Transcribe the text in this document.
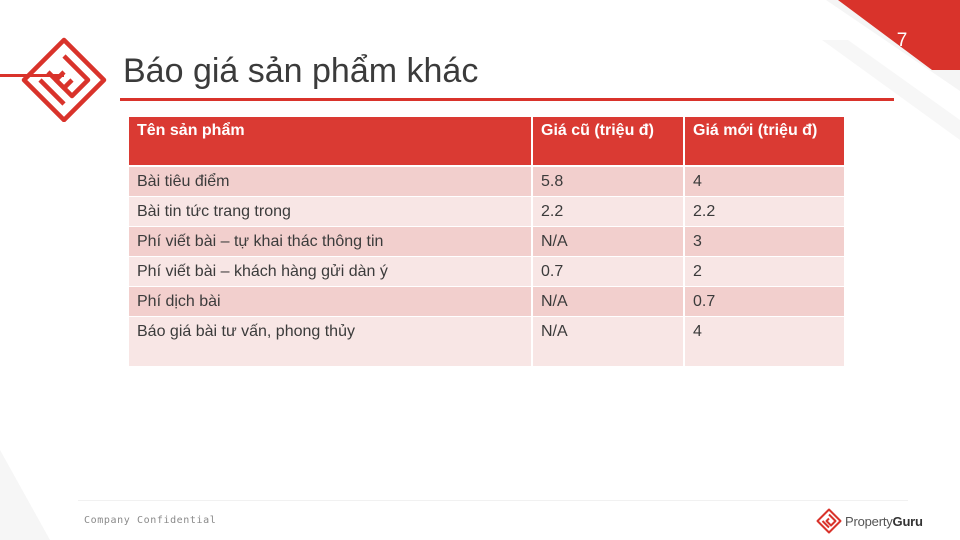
Báo giá sản phẩm khác
7
Tên sản phẩm	Giá cũ (triệu đ)	Giá mới (triệu đ)
Bài tiêu điểm	5.8	4
Bài tin tức trang trong	2.2	2.2
Phí viết bài – tự khai thác thông tin	N/A	3
Phí viết bài – khách hàng gửi dàn ý	0.7	2
Phí dịch bài	N/A	0.7
Báo giá bài tư vấn, phong thủy	N/A	4
Company Confidential	PropertyGuru
